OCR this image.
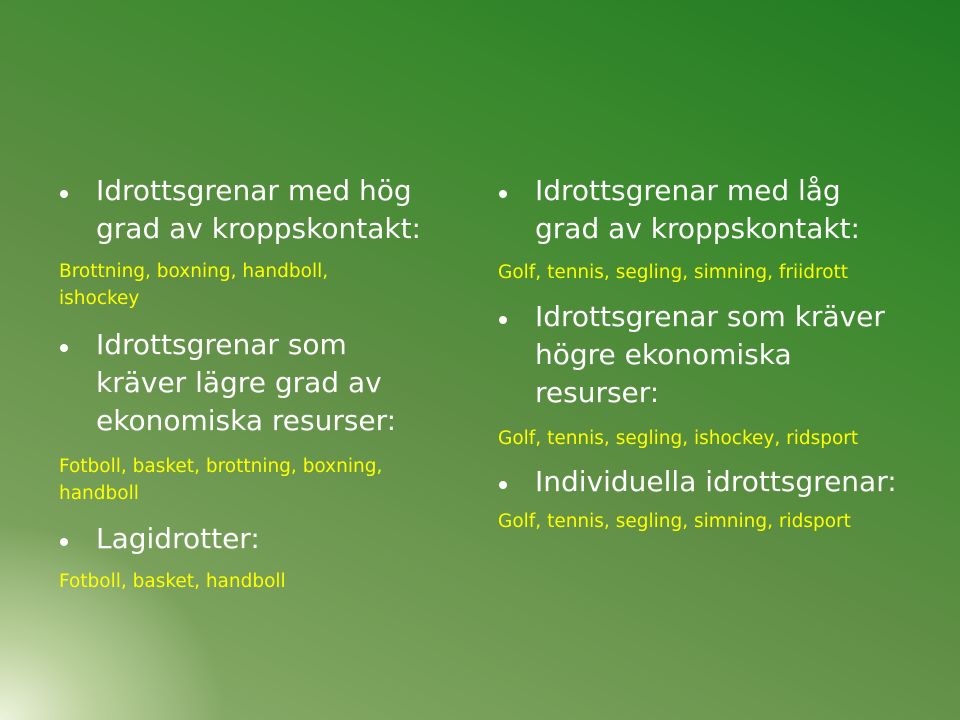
Idrottsgrenar med hög
grad av kroppskontakt:
Brottning, boxning, handboll,
ishockey
Idrottsgrenar som
kräver lägre grad av
ekonomiska resurser:
Fotboll, basket, brottning, boxning,
handboll
Lagidrotter:
Fotboll, basket, handboll
Idrottsgrenar med låg
grad av kroppskontakt:
Golf, tennis, segling, simning, friidrott
Idrottsgrenar som kräver
högre ekonomiska
resurser:
Golf, tennis, segling, ishockey, ridsport
Individuella idrottsgrenar:
Golf, tennis, segling, simning, ridsport
